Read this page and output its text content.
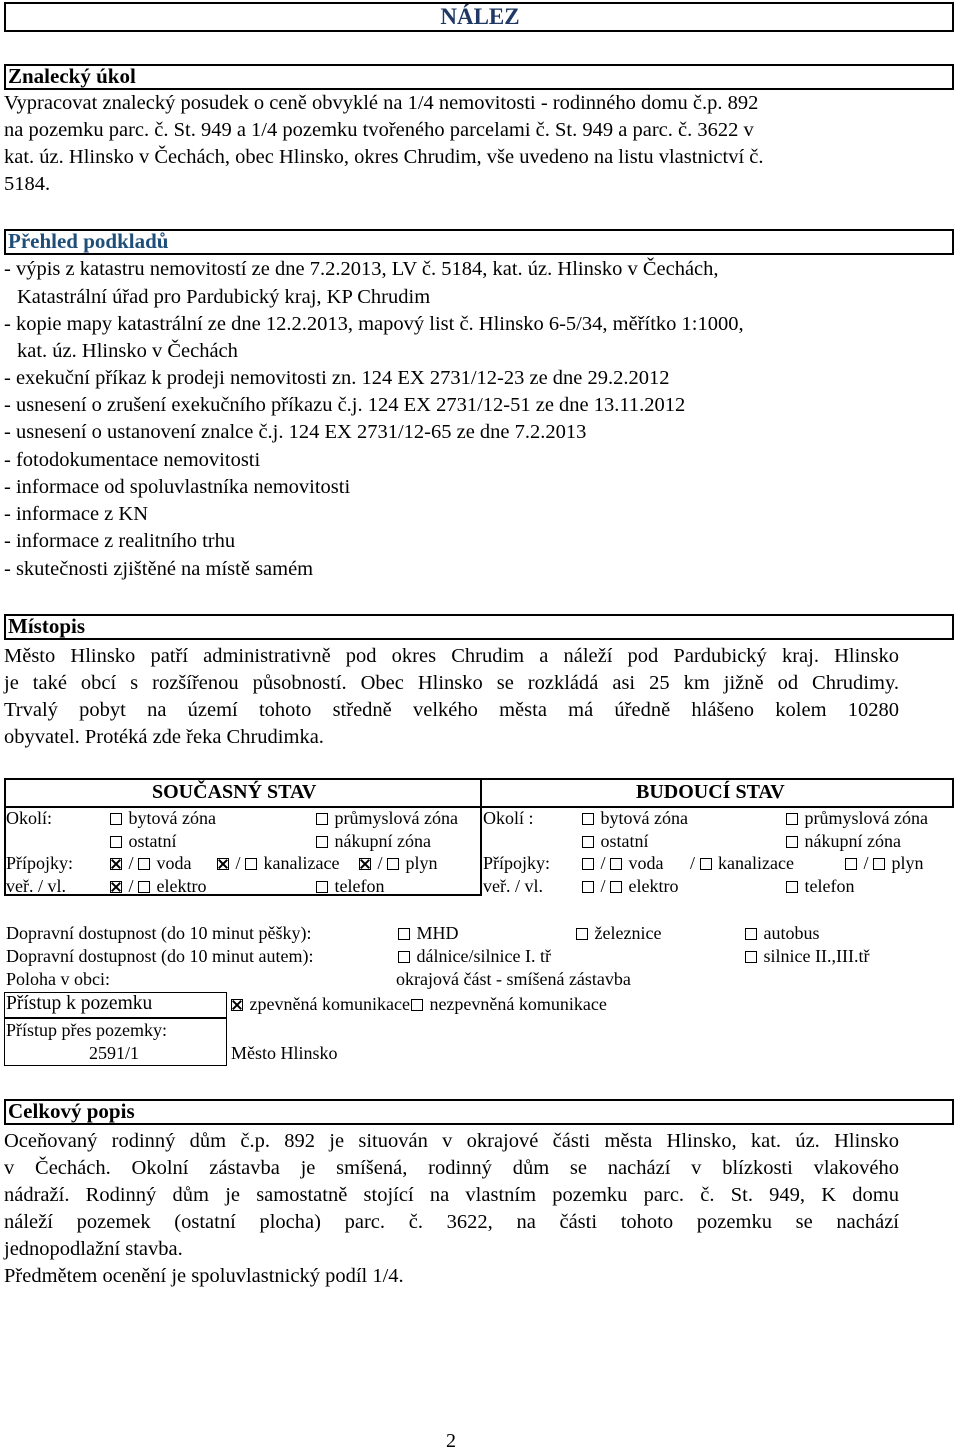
NÁLEZ
Znalecký úkol
Vypracovat znalecký posudek o ceně obvyklé na 1/4 nemovitosti - rodinného domu č.p. 892
na pozemku parc. č. St. 949 a 1/4 pozemku tvořeného parcelami č. St. 949 a parc. č. 3622 v
kat. úz. Hlinsko v Čechách, obec Hlinsko, okres Chrudim, vše uvedeno na listu vlastnictví č.
5184.
Přehled podkladů
- výpis z katastru nemovitostí ze dne 7.2.2013, LV č. 5184, kat. úz. Hlinsko v Čechách,
Katastrální úřad pro Pardubický kraj, KP Chrudim
- kopie mapy katastrální ze dne 12.2.2013, mapový list č. Hlinsko 6-5/34, měřítko 1:1000,
kat. úz. Hlinsko v Čechách
- exekuční příkaz k prodeji nemovitosti zn. 124 EX 2731/12-23 ze dne 29.2.2012
- usnesení o zrušení exekučního příkazu č.j. 124 EX 2731/12-51 ze dne 13.11.2012
- usnesení o ustanovení znalce č.j. 124 EX 2731/12-65 ze dne 7.2.2013
- fotodokumentace nemovitosti
- informace od spoluvlastníka nemovitosti
- informace z KN
- informace z realitního trhu
- skutečnosti zjištěné na místě samém
Místopis
Město Hlinsko patří administrativně pod okres Chrudim a náleží pod Pardubický kraj. Hlinsko
je také obcí s rozšířenou působností. Obec Hlinsko se rozkládá asi 25 km jižně od Chrudimy.
Trvalý pobyt na území tohoto středně velkého města má úředně hlášeno kolem 10280
obyvatel. Protéká zde řeka Chrudimka.
SOUČASNÝ STAV	BUDOUCÍ STAV
Okolí:	bytová zóna	průmyslová zóna
ostatní	nákupní zóna
Přípojky:	/ voda	/ kanalizace	/ plyn
veř. / vl.	/ elektro	telefon
Okolí :	bytová zóna	průmyslová zóna
ostatní	nákupní zóna
Přípojky:	/ voda / kanalizace	/ plyn
veř. / vl.	/ elektro	telefon
Dopravní dostupnost (do 10 minut pěšky):	MHD	železnice	autobus
Dopravní dostupnost (do 10 minut autem):	dálnice/silnice I. tř	silnice II.,III.tř
Poloha v obci:	okrajová část - smíšená zástavba
Přístup k pozemku	zpevněná komunikace nezpevněná komunikace
Přístup přes pozemky:
2591/1	Město Hlinsko
Celkový popis
Oceňovaný rodinný dům č.p. 892 je situován v okrajové části města Hlinsko, kat. úz. Hlinsko
v Čechách. Okolní zástavba je smíšená, rodinný dům se nachází v blízkosti vlakového
nádraží. Rodinný dům je samostatně stojící na vlastním pozemku parc. č. St. 949, K domu
náleží pozemek (ostatní plocha) parc. č. 3622, na části tohoto pozemku se nachází
jednopodlažní stavba.
Předmětem ocenění je spoluvlastnický podíl 1/4.
2
